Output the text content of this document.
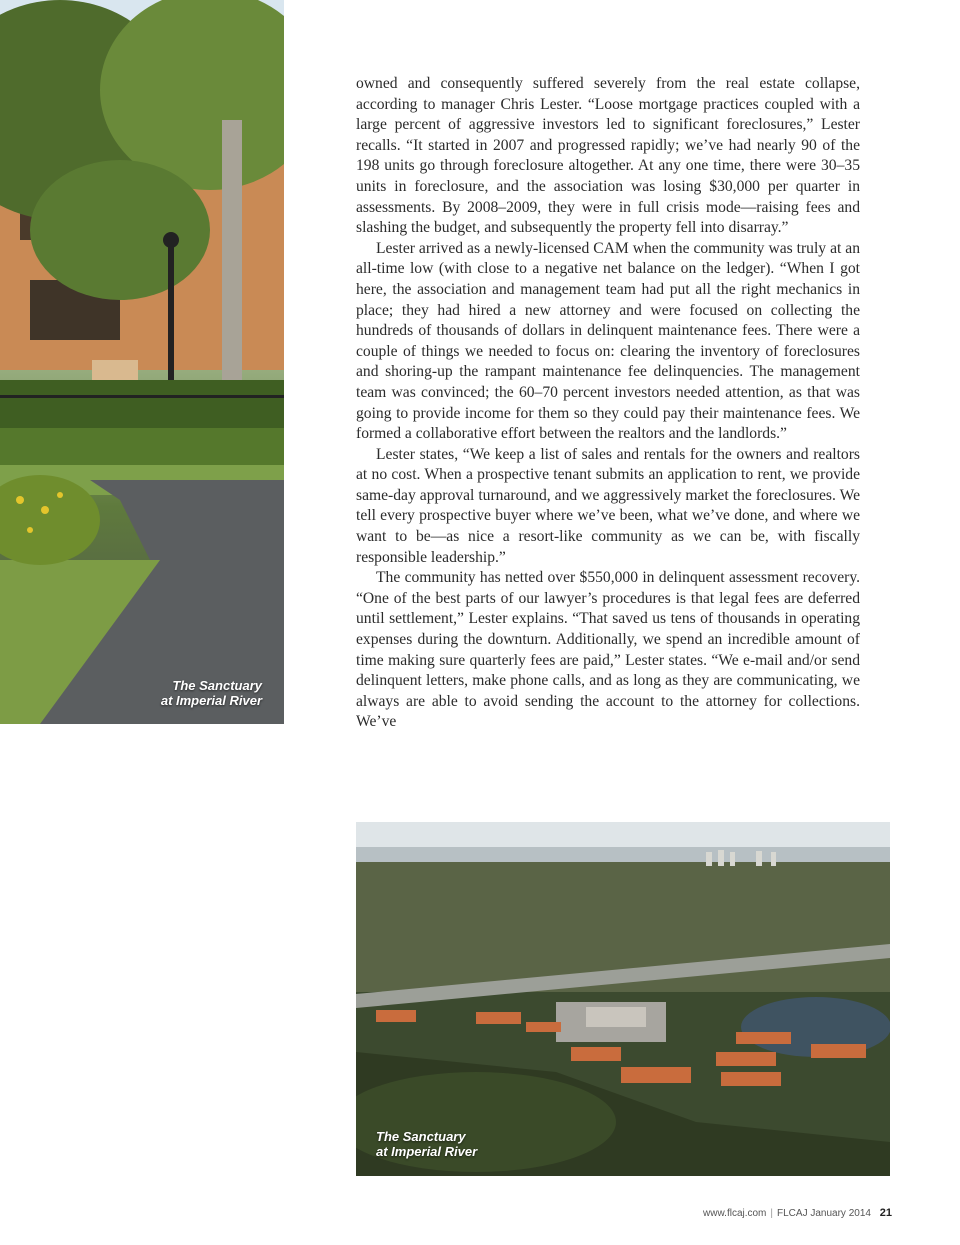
The Sanctuary
at Imperial River

owned and consequently suffered severely from the real estate collapse, according to manager Chris Lester. “Loose mortgage practices coupled with a large percent of aggressive investors led to significant foreclosures,” Lester recalls. “It started in 2007 and progressed rapidly; we’ve had nearly 90 of the 198 units go through foreclosure altogether. At any one time, there were 30–35 units in foreclosure, and the association was losing $30,000 per quarter in assessments. By 2008–2009, they were in full crisis mode—raising fees and slashing the budget, and subsequently the property fell into disarray.”

Lester arrived as a newly-licensed CAM when the community was truly at an all-time low (with close to a negative net balance on the ledger). “When I got here, the association and management team had put all the right mechanics in place; they had hired a new attorney and were focused on collecting the hundreds of thousands of dollars in delinquent maintenance fees. There were a couple of things we needed to focus on: clearing the inventory of foreclosures and shoring-up the rampant maintenance fee delinquencies. The management team was convinced; the 60–70 percent investors needed attention, as that was going to provide income for them so they could pay their maintenance fees. We formed a collaborative effort between the realtors and the landlords.”

Lester states, “We keep a list of sales and rentals for the owners and realtors at no cost. When a prospective tenant submits an application to rent, we provide same-day approval turnaround, and we aggressively market the foreclosures. We tell every prospective buyer where we’ve been, what we’ve done, and where we want to be—as nice a resort-like community as we can be, with fiscally responsible leadership.”

The community has netted over $550,000 in delinquent assessment recovery. “One of the best parts of our lawyer’s procedures is that legal fees are deferred until settlement,” Lester explains. “That saved us tens of thousands in operating expenses during the downturn. Additionally, we spend an incredible amount of time making sure quarterly fees are paid,” Lester states. “We e-mail and/or send delinquent letters, make phone calls, and as long as they are communicating, we always are able to avoid sending the account to the attorney for collections. We’ve

The Sanctuary
at Imperial River
www.flcaj.com | FLCAJ January 2014 21
